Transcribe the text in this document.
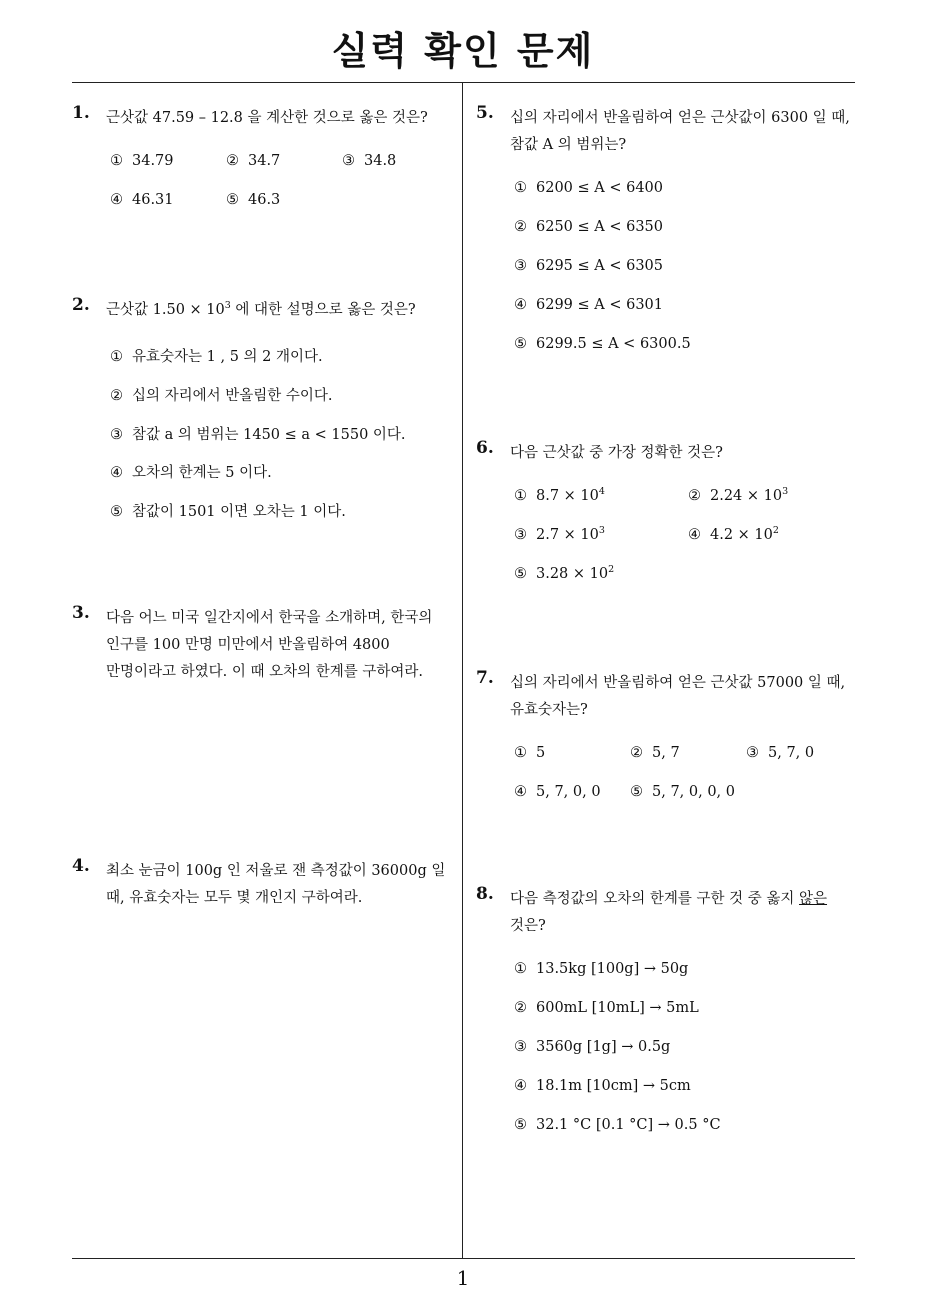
실력 확인 문제
1
1. 근삿값 47.59 – 12.8 을 계산한 것으로 옳은 것은?
① 34.79	② 34.7	③ 34.8
④ 46.31	⑤ 46.3
2. 근삿값 $1.50 \times 10^3$ 에 대한 설명으로 옳은 것은?
① 유효숫자는 1 , 5 의 2 개이다.
② 십의 자리에서 반올림한 수이다.
③ 참값 a 의 범위는 1450 ≤ a < 1550 이다.
④ 오차의 한계는 5 이다.
⑤ 참값이 1501 이면 오차는 1 이다.
3. 다음 어느 미국 일간지에서 한국을 소개하며, 한국의
인구를 100 만명 미만에서 반올림하여 4800
만명이라고 하였다. 이 때 오차의 한계를 구하여라.
4. 최소 눈금이 100g 인 저울로 잰 측정값이 36000g 일
때, 유효숫자는 모두 몇 개인지 구하여라.
5. 십의 자리에서 반올림하여 얻은 근삿값이 6300 일 때,
참값 A 의 범위는?
① 6200 ≤ A < 6400
② 6250 ≤ A < 6350
③ 6295 ≤ A < 6305
④ 6299 ≤ A < 6301
⑤ 6299.5 ≤ A < 6300.5
6. 다음 근삿값 중 가장 정확한 것은?
① $8.7 \times 10^4$	② $2.24 \times 10^3$
③ $2.7 \times 10^3$	④ $4.2 \times 10^2$
⑤ $3.28 \times 10^2$
7. 십의 자리에서 반올림하여 얻은 근삿값 57000 일 때,
유효숫자는?
① 5	② 5, 7	③ 5, 7, 0
④ 5, 7, 0, 0 ⑤ 5, 7, 0, 0, 0
8. 다음 측정값의 오차의 한계를 구한 것 중 옳지 않은
것은?
① 13.5kg [100g] → 50g
② 600mL [10mL] → 5mL
③ 3560g [1g] → 0.5g
④ 18.1m [10cm] → 5cm
⑤ 32.1 °C [0.1 °C] → 0.5 °C
